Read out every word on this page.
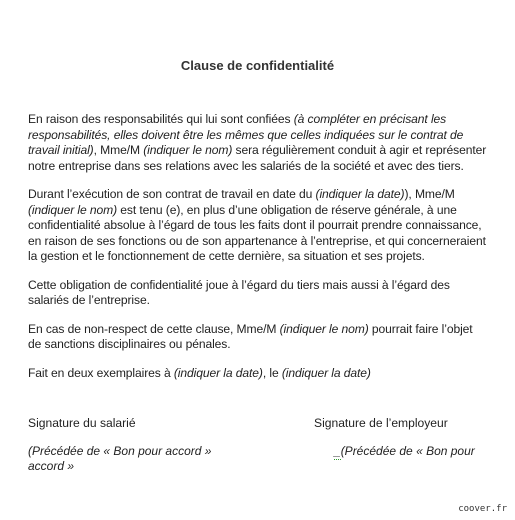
Clause de confidentialité

En raison des responsabilités qui lui sont confiées (à compléter en précisant les responsabilités, elles doivent être les mêmes que celles indiquées sur le contrat de travail initial), Mme/M (indiquer le nom) sera régulièrement conduit à agir et représenter notre entreprise dans ses relations avec les salariés de la société et avec des tiers.

Durant l’exécution de son contrat de travail en date du (indiquer la date)), Mme/M (indiquer le nom) est tenu (e), en plus d’une obligation de réserve générale, à une confidentialité absolue à l’égard de tous les faits dont il pourrait prendre connaissance, en raison de ses fonctions ou de son appartenance à l’entreprise, et qui concerneraient la gestion et le fonctionnement de cette dernière, sa situation et ses projets.

Cette obligation de confidentialité joue à l’égard du tiers mais aussi à l’égard des salariés de l’entreprise.

En cas de non-respect de cette clause, Mme/M (indiquer le nom) pourrait faire l’objet de sanctions disciplinaires ou pénales.

Fait en deux exemplaires à (indiquer la date), le (indiquer la date)

Signature du salarié	Signature de l’employeur
(Précédée de « Bon pour accord » accord »
_(Précédée de « Bon pour
coover.fr
